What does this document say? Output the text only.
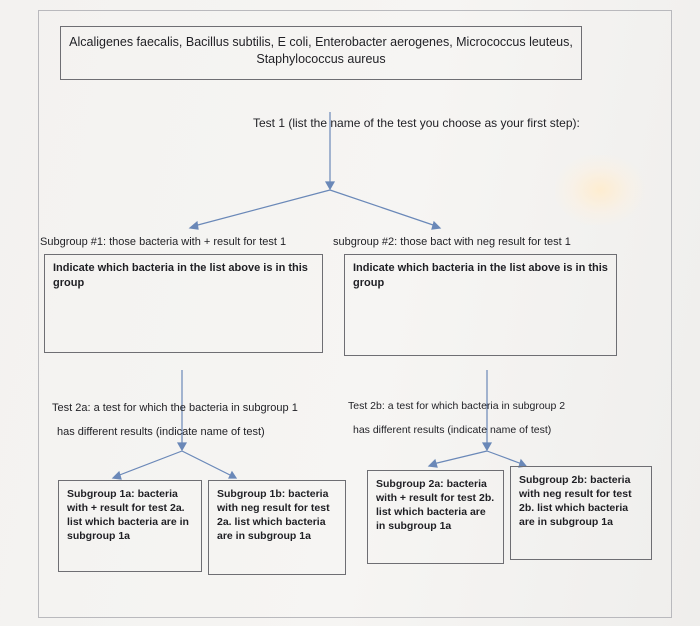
Alcaligenes faecalis, Bacillus subtilis, E coli, Enterobacter aerogenes, Micrococcus leuteus,
Staphylococcus aureus
Test 1 (list the name of the test you choose as your first step):
Subgroup #1: those bacteria with + result for test 1	subgroup #2: those bact with neg result for test 1
Indicate which bacteria in the list above is in this group
Indicate which bacteria in the list above is in this group
Test 2a: a test for which the bacteria in subgroup 1
has different results (indicate name of test)
Test 2b: a test for which bacteria in subgroup 2
has different results (indicate name of test)
Subgroup 1a: bacteria with + result for test 2a. list which bacteria are in subgroup 1a
Subgroup 1b: bacteria with neg result for test 2a. list which bacteria are in subgroup 1a
Subgroup 2a: bacteria with + result for test 2b. list which bacteria are in subgroup 1a
Subgroup 2b: bacteria with neg result for test 2b. list which bacteria are in subgroup 1a
